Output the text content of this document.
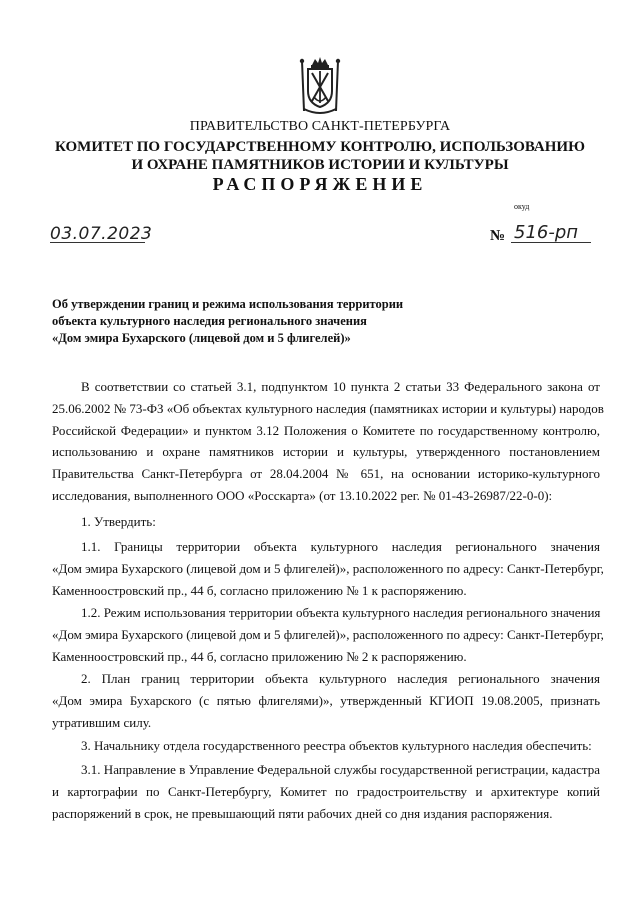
ПРАВИТЕЛЬСТВО САНКТ-ПЕТЕРБУРГА
КОМИТЕТ ПО ГОСУДАРСТВЕННОМУ КОНТРОЛЮ, ИСПОЛЬЗОВАНИЮ
И ОХРАНЕ ПАМЯТНИКОВ ИСТОРИИ И КУЛЬТУРЫ
РАСПОРЯЖЕНИЕ
окуд
03.07.2023	№ 516-рп
Об утверждении границ и режима использования территории
объекта культурного наследия регионального значения
«Дом эмира Бухарского (лицевой дом и 5 флигелей)»
В соответствии со статьей 3.1, подпунктом 10 пункта 2 статьи 33 Федерального закона от
25.06.2002 № 73-ФЗ «Об объектах культурного наследия (памятниках истории и культуры) народов
Российской Федерации» и пунктом 3.12 Положения о Комитете по государственному контролю,
использованию и охране памятников истории и культуры, утвержденного постановлением
Правительства Санкт-Петербурга от 28.04.2004 № 651, на основании историко-культурного
исследования, выполненного ООО «Росскарта» (от 13.10.2022 рег. № 01-43-26987/22-0-0):
1. Утвердить:
1.1. Границы территории объекта культурного наследия регионального значения
«Дом эмира Бухарского (лицевой дом и 5 флигелей)», расположенного по адресу: Санкт-Петербург,
Каменноостровский пр., 44 б, согласно приложению № 1 к распоряжению.
1.2. Режим использования территории объекта культурного наследия регионального значения
«Дом эмира Бухарского (лицевой дом и 5 флигелей)», расположенного по адресу: Санкт-Петербург,
Каменноостровский пр., 44 б, согласно приложению № 2 к распоряжению.
2. План границ территории объекта культурного наследия регионального значения
«Дом эмира Бухарского (с пятью флигелями)», утвержденный КГИОП 19.08.2005, признать
утратившим силу.
3. Начальнику отдела государственного реестра объектов культурного наследия обеспечить:
3.1. Направление в Управление Федеральной службы государственной регистрации, кадастра
и картографии по Санкт-Петербургу, Комитет по градостроительству и архитектуре копий
распоряжений в срок, не превышающий пяти рабочих дней со дня издания распоряжения.
